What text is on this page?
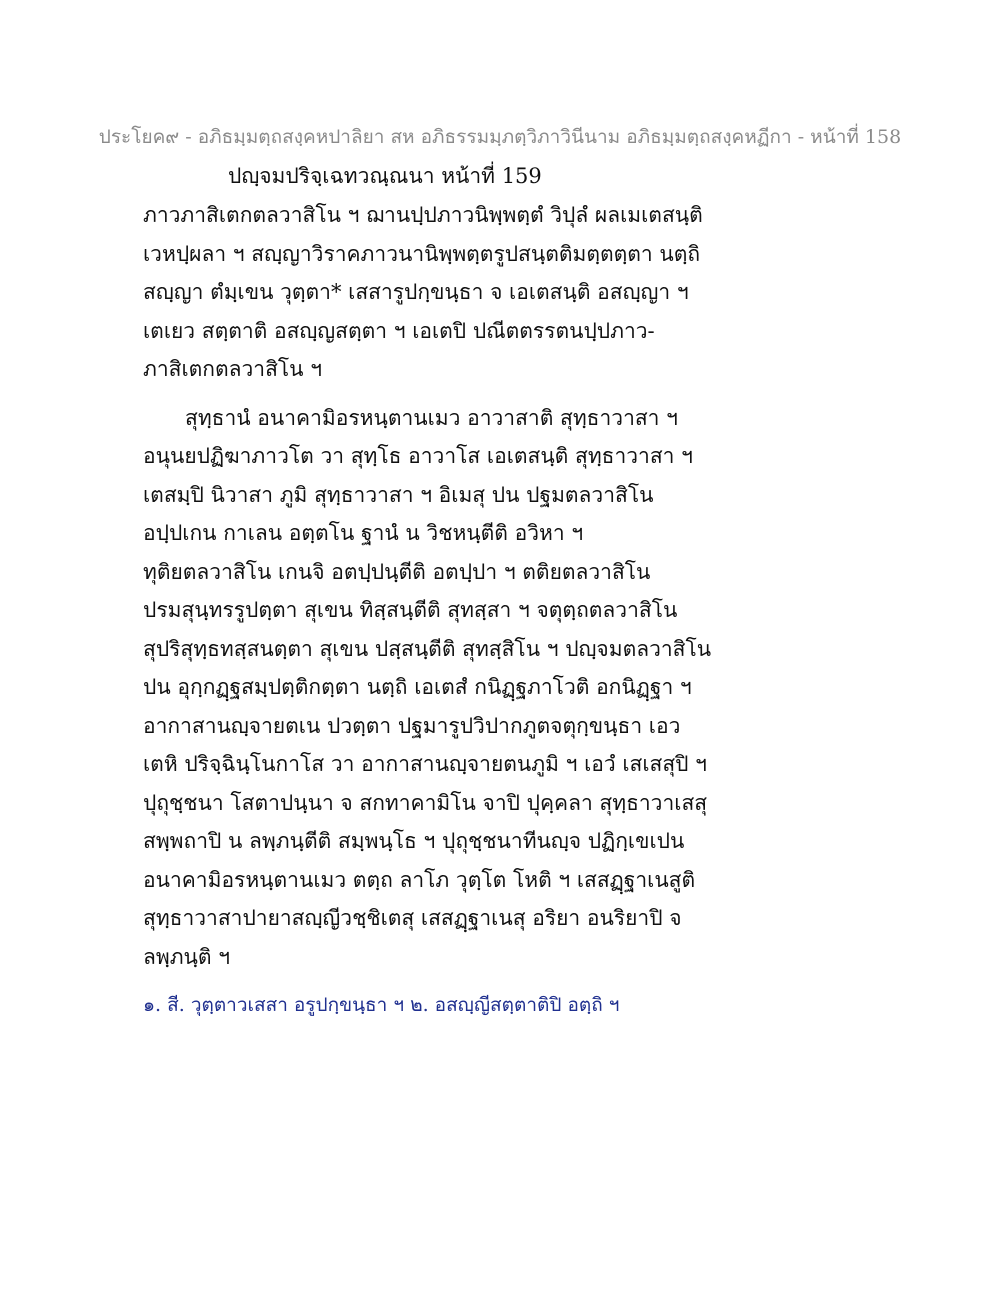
ประโยค๙ - อภิธมฺมตฺถสงฺคหปาลิยา สห อภิธรรมมฺภตฺวิภาวินีนาม อภิธมฺมตฺถสงฺคหฏีกา - หน้าที่ 158
ปญฺจมปริจฺเฉทวณฺณนา หน้าที่ 159
ภาวภาสิเตกตลวาสิโน ฯ ฌานปฺปภาวนิพฺพตฺตํ วิปุลํ ผลเมเตสนฺติ
เวหปฺผลา ฯ สญฺญาวิราคภาวนานิพฺพตฺตรูปสนฺตติมตฺตตฺตา นตฺถิ
สญฺญา ตํมฺเขน วุตฺตา* เสสารูปกฺขนฺธา จ เอเตสนฺติ อสญฺญา ฯ
เตเยว สตฺตาติ อสญฺญสตฺตา ฯ เอเตปิ ปณีตตรรตนปฺปภาว-
ภาสิเตกตลวาสิโน ฯ
สุทฺธานํ อนาคามิอรหนฺตานเมว อาวาสาติ สุทฺธาวาสา ฯ
อนุนยปฏิฆาภาวโต วา สุทฺโธ อาวาโส เอเตสนฺติ สุทฺธาวาสา ฯ
เตสมฺปิ นิวาสา ภูมิ สุทฺธาวาสา ฯ อิเมสุ ปน ปฐมตลวาสิโน
อปฺปเกน กาเลน อตฺตโน ฐานํ น วิชหนฺตีติ อวิหา ฯ
ทุติยตลวาสิโน เกนจิ อตปฺปนฺตีติ อตปฺปา ฯ ตติยตลวาสิโน
ปรมสุนฺทรรูปตฺตา สุเขน ทิสฺสนฺตีติ สุทสฺสา ฯ จตุตฺถตลวาสิโน
สุปริสุทฺธทสฺสนตฺตา สุเขน ปสฺสนฺตีติ สุทสฺสิโน ฯ ปญฺจมตลวาสิโน
ปน อุกฺกฏฺฐสมฺปตฺติกตฺตา นตฺถิ เอเตสํ กนิฏฺฐภาโวติ อกนิฏฺฐา ฯ
อากาสานญฺจายตเน ปวตฺตา ปฐมารูปวิปากภูตจตุกฺขนฺธา เอว
เตหิ ปริจฺฉินฺโนกาโส วา อากาสานญฺจายตนภูมิ ฯ เอวํ เสเสสุปิ ฯ
ปุถุชฺชนา โสตาปนฺนา จ สกทาคามิโน จาปิ ปุคฺคลา สุทฺธาวาเสสุ
สพฺพถาปิ น ลพฺภนฺตีติ สมฺพนฺโธ ฯ ปุถุชฺชนาทีนญฺจ ปฏิกฺเขเปน
อนาคามิอรหนฺตานเมว ตตฺถ ลาโภ วุตฺโต โหติ ฯ เสสฏฺฐาเนสูติ
สุทฺธาวาสาปายาสญฺญีวชฺชิเตสุ เสสฏฺฐาเนสุ อริยา อนริยาปิ จ
ลพฺภนฺติ ฯ
๑. สี. วุตฺตาวเสสา อรูปกฺขนฺธา ฯ ๒. อสญฺญีสตฺตาติปิ อตฺถิ ฯ
